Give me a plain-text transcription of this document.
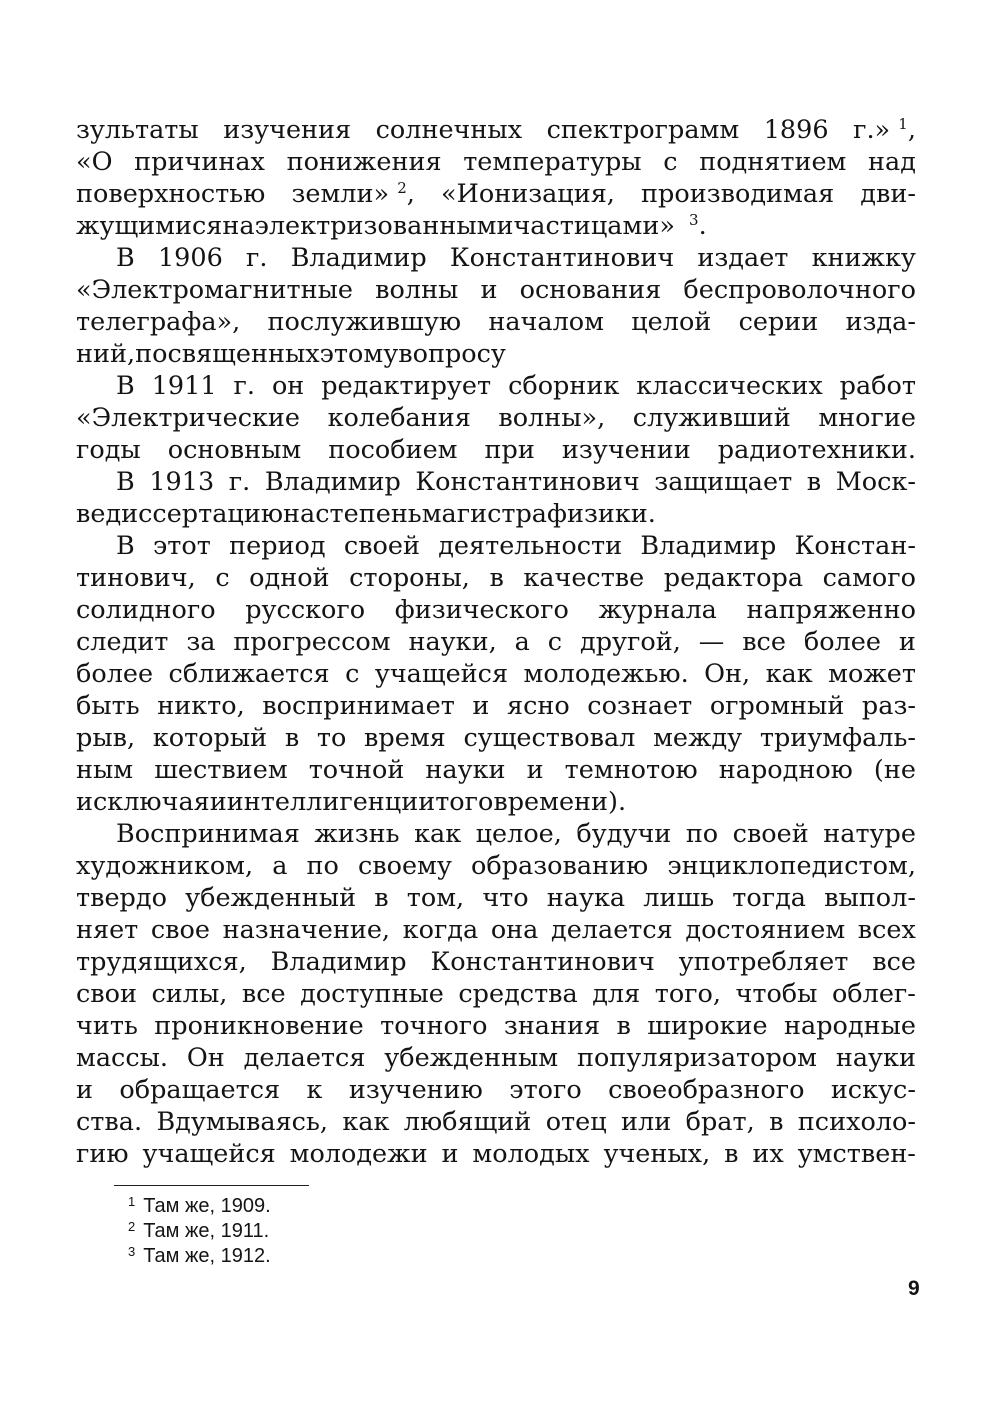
зультаты изучения солнечных спектрограмм 1896 г.» $^1$,
«О причинах понижения температуры с поднятием над
поверхностью земли» $^2$, «Ионизация, производимая дви-
жущимися наэлектризованными частицами» $^3$.
В 1906 г. Владимир Константинович издает книжку
«Электромагнитные волны и основания беспроволочного
телеграфа», послужившую началом целой серии изда-
ний, посвященных этому вопросу
В 1911 г. он редактирует сборник классических работ
«Электрические колебания волны», служивший многие
годы основным пособием при изучении радиотехники.
В 1913 г. Владимир Константинович защищает в Моск-
ве диссертацию на степень магистра физики.
В этот период своей деятельности Владимир Констан-
тинович, с одной стороны, в качестве редактора самого
солидного русского физического журнала напряженно
следит за прогрессом науки, а с другой, — все более и
более сближается с учащейся молодежью. Он, как может
быть никто, воспринимает и ясно сознает огромный раз-
рыв, который в то время существовал между триумфаль-
ным шествием точной науки и темнотою народною (не
исключая и интеллигенции того времени).
Воспринимая жизнь как целое, будучи по своей натуре
художником, а по своему образованию энциклопедистом,
твердо убежденный в том, что наука лишь тогда выпол-
няет свое назначение, когда она делается достоянием всех
трудящихся, Владимир Константинович употребляет все
свои силы, все доступные средства для того, чтобы облег-
чить проникновение точного знания в широкие народные
массы. Он делается убежденным популяризатором науки
и обращается к изучению этого своеобразного искус-
ства. Вдумываясь, как любящий отец или брат, в психоло-
гию учащейся молодежи и молодых ученых, в их умствен-
$^1$ Там же, 1909.
$^2$ Там же, 1911.
$^3$ Там же, 1912.
9
